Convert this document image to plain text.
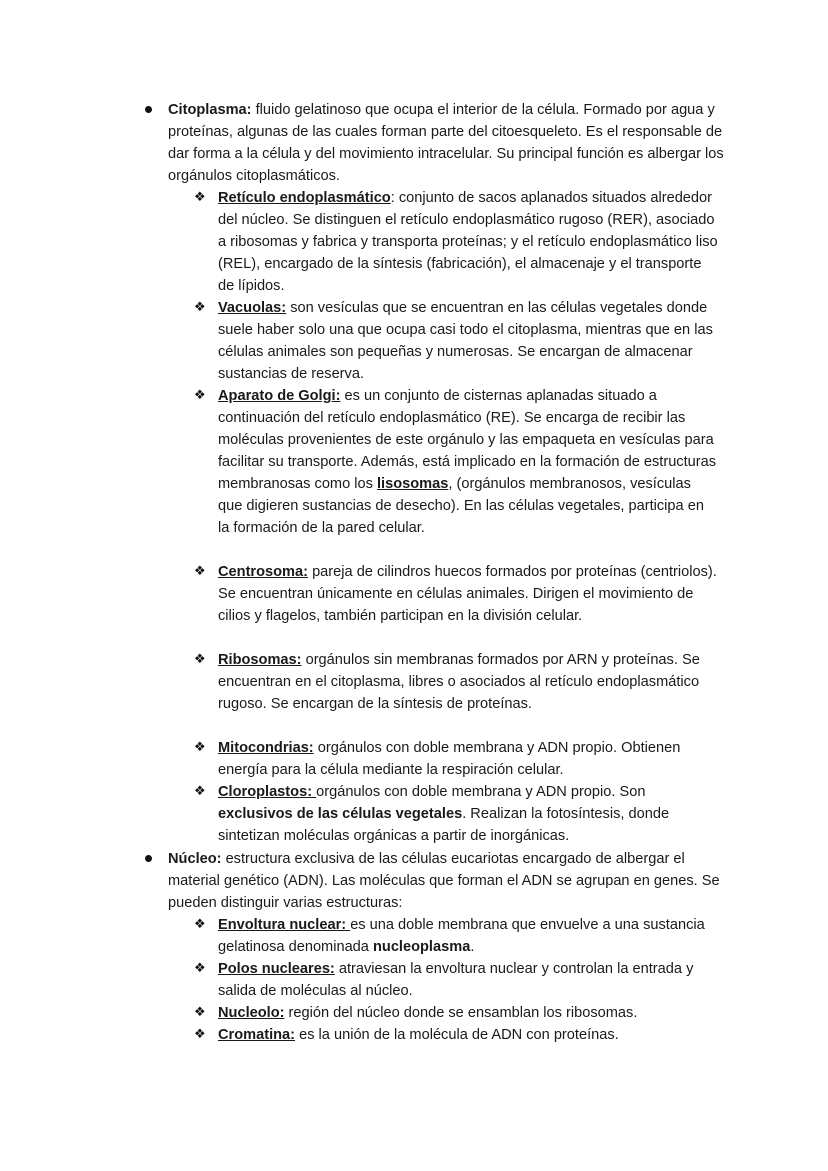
Citoplasma: fluido gelatinoso que ocupa el interior de la célula. Formado por agua y proteínas, algunas de las cuales forman parte del citoesqueleto. Es el responsable de dar forma a la célula y del movimiento intracelular. Su principal función es albergar los orgánulos citoplasmáticos.
❖ Retículo endoplasmático: conjunto de sacos aplanados situados alrededor del núcleo. Se distinguen el retículo endoplasmático rugoso (RER), asociado a ribosomas y fabrica y transporta proteínas; y el retículo endoplasmático liso (REL), encargado de la síntesis (fabricación), el almacenaje y el transporte de lípidos.
❖ Vacuolas: son vesículas que se encuentran en las células vegetales donde suele haber solo una que ocupa casi todo el citoplasma, mientras que en las células animales son pequeñas y numerosas. Se encargan de almacenar sustancias de reserva.
❖ Aparato de Golgi: es un conjunto de cisternas aplanadas situado a continuación del retículo endoplasmático (RE). Se encarga de recibir las moléculas provenientes de este orgánulo y las empaqueta en vesículas para facilitar su transporte. Además, está implicado en la formación de estructuras membranosas como los lisosomas, (orgánulos membranosos, vesículas que digieren sustancias de desecho). En las células vegetales, participa en la formación de la pared celular.
❖ Centrosoma: pareja de cilindros huecos formados por proteínas (centriolos). Se encuentran únicamente en células animales. Dirigen el movimiento de cilios y flagelos, también participan en la división celular.
❖ Ribosomas: orgánulos sin membranas formados por ARN y proteínas. Se encuentran en el citoplasma, libres o asociados al retículo endoplasmático rugoso. Se encargan de la síntesis de proteínas.
❖ Mitocondrias: orgánulos con doble membrana y ADN propio. Obtienen energía para la célula mediante la respiración celular.
❖ Cloroplastos: orgánulos con doble membrana y ADN propio. Son exclusivos de las células vegetales. Realizan la fotosíntesis, donde sintetizan moléculas orgánicas a partir de inorgánicas.
Núcleo: estructura exclusiva de las células eucariotas encargado de albergar el material genético (ADN). Las moléculas que forman el ADN se agrupan en genes. Se pueden distinguir varias estructuras:
❖ Envoltura nuclear: es una doble membrana que envuelve a una sustancia gelatinosa denominada nucleoplasma.
❖ Polos nucleares: atraviesan la envoltura nuclear y controlan la entrada y salida de moléculas al núcleo.
❖ Nucleolo: región del núcleo donde se ensamblan los ribosomas.
❖ Cromatina: es la unión de la molécula de ADN con proteínas.
